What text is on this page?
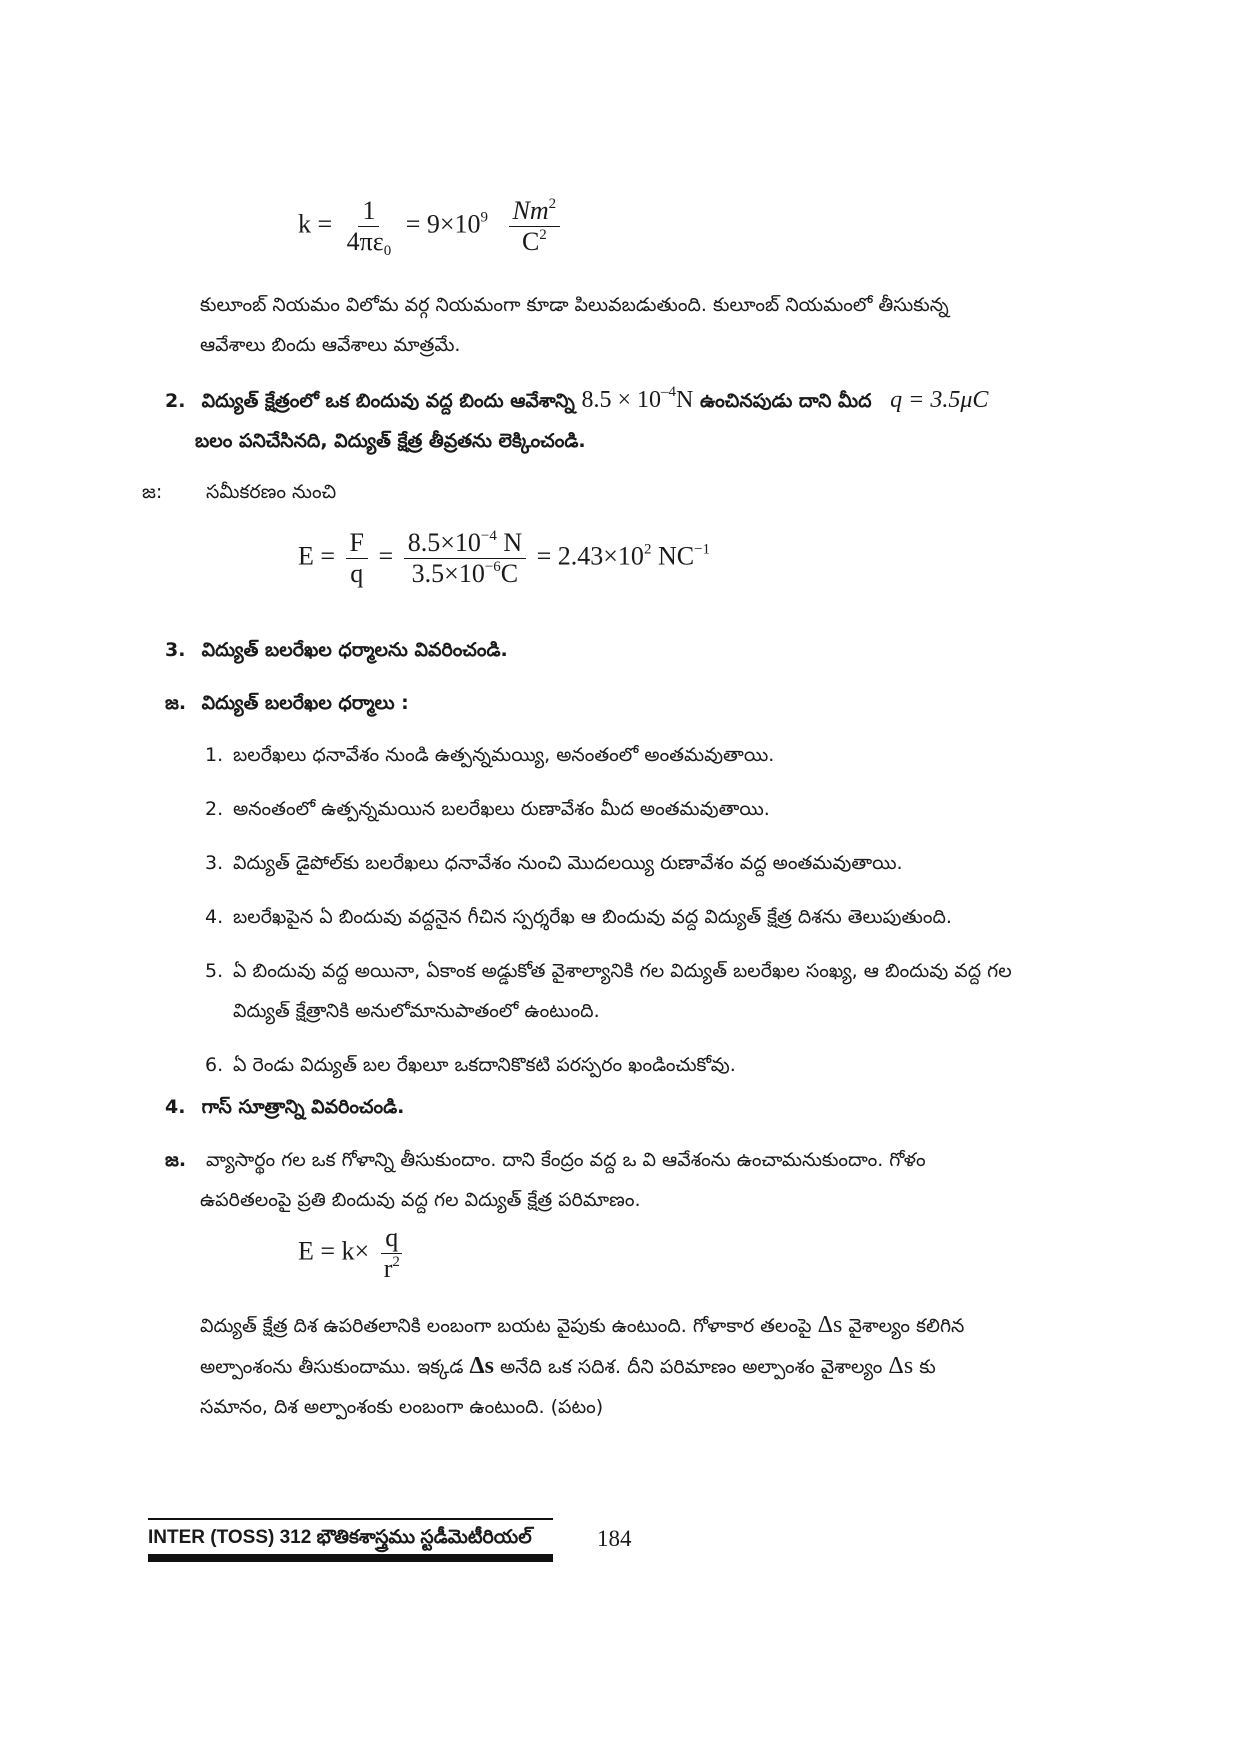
$k = \frac{1}{4\pi\varepsilon_0} = 9\times 10^9 \frac{Nm^2}{C^2}$
కులూంబ్ నియమం విలోమ వర్గ నియమంగా కూడా పిలువబడుతుంది. కులూంబ్ నియమంలో తీసుకున్న
ఆవేశాలు బిందు ఆవేశాలు మాత్రమే.
2. విద్యుత్ క్షేత్రంలో ఒక బిందువు వద్ద బిందు ఆవేశాన్ని $8.5 \times 10^{-4}N$ ఉంచినపుడు దాని మీద q = 3.5μC
బలం పనిచేసినది, విద్యుత్ క్షేత్ర తీవ్రతను లెక్కించండి.
జ: సమీకరణం నుంచి
$E = \frac{F}{q} = \frac{8.5\times 10^{-4} N}{3.5\times 10^{-6}C} = 2.43\times 10^2$ $NC^{-1}$
3. విద్యుత్ బలరేఖల ధర్మాలను వివరించండి.
జ. విద్యుత్ బలరేఖల ధర్మాలు :
1. బలరేఖలు ధనావేశం నుండి ఉత్పన్నమయ్యి, అనంతంలో అంతమవుతాయి.
2. అనంతంలో ఉత్పన్నమయిన బలరేఖలు రుణావేశం మీద అంతమవుతాయి.
3. విద్యుత్ డైపోల్‌కు బలరేఖలు ధనావేశం నుంచి మొదలయ్యి రుణావేశం వద్ద అంతమవుతాయి.
4. బలరేఖపైన ఏ బిందువు వద్దనైన గీచిన స్పర్శరేఖ ఆ బిందువు వద్ద విద్యుత్ క్షేత్ర దిశను తెలుపుతుంది.
5. ఏ బిందువు వద్ద అయినా, ఏకాంక అడ్డుకోత వైశాల్యానికి గల విద్యుత్ బలరేఖల సంఖ్య, ఆ బిందువు వద్ద గల
విద్యుత్ క్షేత్రానికి అనులోమానుపాతంలో ఉంటుంది.
6. ఏ రెండు విద్యుత్ బల రేఖలూ ఒకదానికొకటి పరస్పరం ఖండించుకోవు.
4. గాస్ సూత్రాన్ని వివరించండి.
జ. వ్యాసార్థం గల ఒక గోళాన్ని తీసుకుందాం. దాని కేంద్రం వద్ద ఒ వి ఆవేశంను ఉంచామనుకుందాం. గోళం
ఉపరితలంపై ప్రతి బిందువు వద్ద గల విద్యుత్ క్షేత్ర పరిమాణం.
$E = k\times \frac{q}{r^2}$
విద్యుత్ క్షేత్ర దిశ ఉపరితలానికి లంబంగా బయట వైపుకు ఉంటుంది. గోళాకార తలంపై Δs వైశాల్యం కలిగిన
అల్పాంశంను తీసుకుందాము. ఇక్కడ Δs అనేది ఒక సదిశ. దీని పరిమాణం అల్పాంశం వైశాల్యం Δs కు
సమానం, దిశ అల్పాంశంకు లంబంగా ఉంటుంది. (పటం)
INTER (TOSS) 312 భౌతికశాస్త్రము స్టడీమెటీరియల్	184
